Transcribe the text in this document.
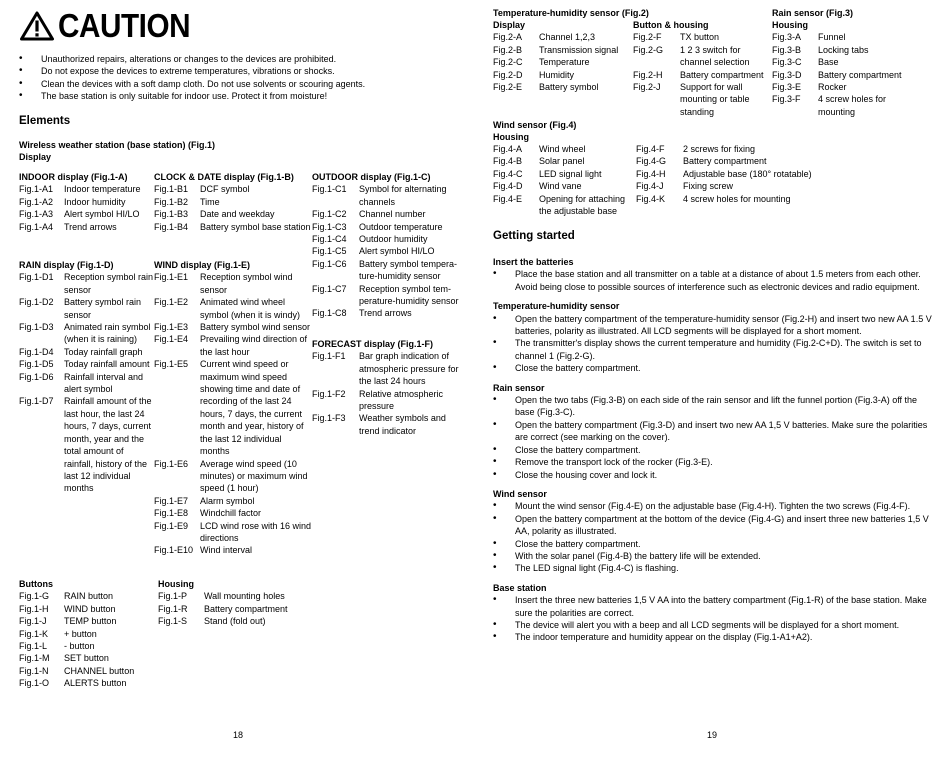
CAUTION
• Unauthorized repairs, alterations or changes to the devices are prohibited.
• Do not expose the devices to extreme temperatures, vibrations or shocks.
• Clean the devices with a soft damp cloth. Do not use solvents or scouring agents.
• The base station is only suitable for indoor use. Protect it from moisture!
Elements
Wireless weather station (base station) (Fig.1)
Display
INDOOR display (Fig.1-A)
Fig.1-A1	Indoor temperature
Fig.1-A2	Indoor humidity
Fig.1-A3	Alert symbol HI/LO
Fig.1-A4	Trend arrows
CLOCK & DATE display (Fig.1-B)
Fig.1-B1	DCF symbol
Fig.1-B2	Time
Fig.1-B3	Date and weekday
Fig.1-B4	Battery symbol base station
OUTDOOR display (Fig.1-C)
Fig.1-C1	Symbol for alternating channels
Fig.1-C2	Channel number
Fig.1-C3	Outdoor temperature
Fig.1-C4	Outdoor humidity
Fig.1-C5	Alert symbol HI/LO
Fig.1-C6	Battery symbol tempera-ture-humidity sensor
Fig.1-C7	Reception symbol tem-perature-humidity sensor
Fig.1-C8	Trend arrows
RAIN display (Fig.1-D)
Fig.1-D1	Reception symbol rain sensor
Fig.1-D2	Battery symbol rain sensor
Fig.1-D3	Animated rain symbol (when it is raining)
Fig.1-D4	Today rainfall graph
Fig.1-D5	Today rainfall amount
Fig.1-D6	Rainfall interval and alert symbol
Fig.1-D7	Rainfall amount of the last hour, the last 24 hours, 7 days, current month, year and the total amount of rainfall, history of the last 12 individual months
WIND display (Fig.1-E)
Fig.1-E1	Reception symbol wind sensor
Fig.1-E2	Animated wind wheel symbol (when it is windy)
Fig.1-E3	Battery symbol wind sensor
Fig.1-E4	Prevailing wind direction of the last hour
Fig.1-E5	Current wind speed or maximum wind speed showing time and date of recording of the last 24 hours, 7 days, the current month and year, history of the last 12 individual months
Fig.1-E6	Average wind speed (10 minutes) or maximum wind speed (1 hour)
Fig.1-E7	Alarm symbol
Fig.1-E8	Windchill factor
Fig.1-E9	LCD wind rose with 16 wind directions
Fig.1-E10 Wind interval
FORECAST display (Fig.1-F)
Fig.1-F1	Bar graph indication of atmospheric pressure for the last 24 hours
Fig.1-F2	Relative atmospheric pressure
Fig.1-F3	Weather symbols and trend indicator
Buttons
Fig.1-G	RAIN button
Fig.1-H	WIND button
Fig.1-J	TEMP button
Fig.1-K	+ button
Fig.1-L	- button
Fig.1-M	SET button
Fig.1-N	CHANNEL button
Fig.1-O	ALERTS button
Housing
Fig.1-P	Wall mounting holes
Fig.1-R	Battery compartment
Fig.1-S	Stand (fold out)
18
Temperature-humidity sensor (Fig.2)
Display
Fig.2-A	Channel 1,2,3
Fig.2-B	Transmission signal
Fig.2-C	Temperature
Fig.2-D	Humidity
Fig.2-E	Battery symbol
Button & housing
Fig.2-F	TX button
Fig.2-G	1 2 3 switch for channel selection
Fig.2-H	Battery compartment
Fig.2-J	Support for wall mounting or table standing
Rain sensor (Fig.3)
Housing
Fig.3-A	Funnel
Fig.3-B	Locking tabs
Fig.3-C	Base
Fig.3-D	Battery compartment
Fig.3-E	Rocker
Fig.3-F	4 screw holes for mounting
Wind sensor (Fig.4)
Housing
Fig.4-A	Wind wheel
Fig.4-B	Solar panel
Fig.4-C	LED signal light
Fig.4-D	Wind vane
Fig.4-E	Opening for attaching the adjustable base
Fig.4-F	2 screws for fixing
Fig.4-G	Battery compartment
Fig.4-H	Adjustable base (180° rotatable)
Fig.4-J	Fixing screw
Fig.4-K	4 screw holes for mounting
Getting started
Insert the batteries
• Place the base station and all transmitter on a table at a distance of about 1.5 meters from each other. Avoid being close to possible sources of interference such as electronic devices and radio equipment.
Temperature-humidity sensor
• Open the battery compartment of the temperature-humidity sensor (Fig.2-H) and insert two new AA 1.5 V batteries, polarity as illustrated. All LCD segments will be displayed for a short moment.
• The transmitter's display shows the current temperature and humidity (Fig.2-C+D). The switch is set to channel 1 (Fig.2-G).
• Close the battery compartment.
Rain sensor
• Open the two tabs (Fig.3-B) on each side of the rain sensor and lift the funnel portion (Fig.3-A) off the base (Fig.3-C).
• Open the battery compartment (Fig.3-D) and insert two new AA 1,5 V batteries. Make sure the polarities are correct (see marking on the cover).
• Close the battery compartment.
• Remove the transport lock of the rocker (Fig.3-E).
• Close the housing cover and lock it.
Wind sensor
• Mount the wind sensor (Fig.4-E) on the adjustable base (Fig.4-H). Tighten the two screws (Fig.4-F).
• Open the battery compartment at the bottom of the device (Fig.4-G) and insert three new batteries 1,5 V AA, polarity as illustrated.
• Close the battery compartment.
• With the solar panel (Fig.4-B) the battery life will be extended.
• The LED signal light (Fig.4-C) is flashing.
Base station
• Insert the three new batteries 1,5 V AA into the battery compartment (Fig.1-R) of the base station. Make sure the polarities are correct.
• The device will alert you with a beep and all LCD segments will be displayed for a short moment.
• The indoor temperature and humidity appear on the display (Fig.1-A1+A2).
19
